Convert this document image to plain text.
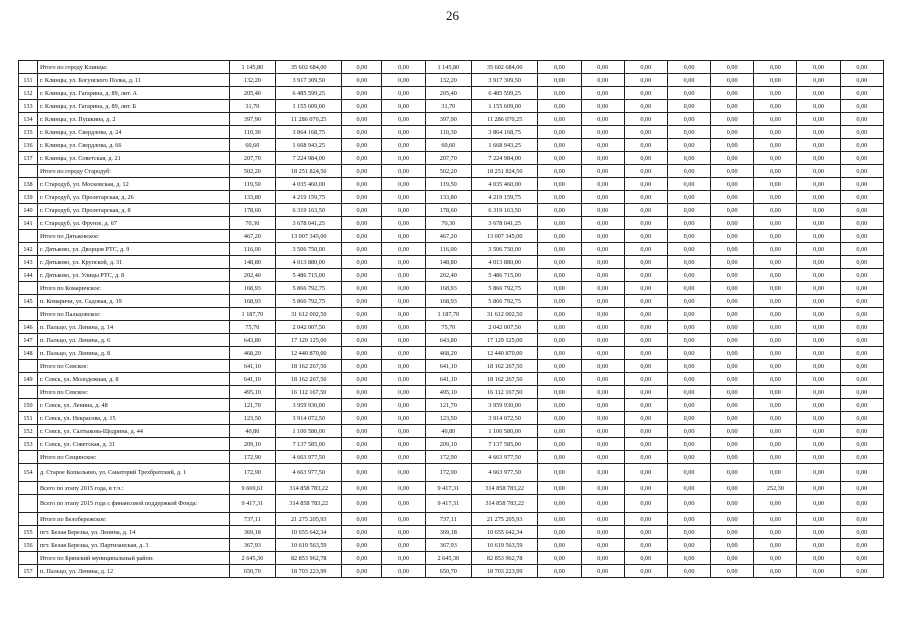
26
	Итого по городу Клинцы:	1 145,80	35 602 684,00	0,00	0,00	1 145,80	35 602 684,00	0,00	0,00	0,00	0,00	0,00	0,00	0,00	0,00
131	г. Клинцы, ул. Богунского Полка, д. 11	132,20	3 917 309,50	0,00	0,00	132,20	3 917 309,50	0,00	0,00	0,00	0,00	0,00	0,00	0,00	0,00
132	г. Клинцы, ул. Гагарина, д. 89, лит. А	205,40	6 485 599,25	0,00	0,00	205,40	6 485 599,25	0,00	0,00	0,00	0,00	0,00	0,00	0,00	0,00
133	г. Клинцы, ул. Гагарина, д. 89, лит. Б	31,70	1 155 609,00	0,00	0,00	31,70	1 155 609,00	0,00	0,00	0,00	0,00	0,00	0,00	0,00	0,00
134	г. Клинцы, ул. Пушкина, д. 2	397,90	11 286 070,25	0,00	0,00	397,90	11 286 070,25	0,00	0,00	0,00	0,00	0,00	0,00	0,00	0,00
135	г. Клинцы, ул. Свердлова, д. 24	110,30	3 864 168,75	0,00	0,00	110,30	3 864 168,75	0,00	0,00	0,00	0,00	0,00	0,00	0,00	0,00
136	г. Клинцы, ул. Свердлова, д. 66	60,60	1 668 943,25	0,00	0,00	60,60	1 668 943,25	0,00	0,00	0,00	0,00	0,00	0,00	0,00	0,00
137	г. Клинцы, ул. Советская, д. 21	207,70	7 224 984,00	0,00	0,00	207,70	7 224 984,00	0,00	0,00	0,00	0,00	0,00	0,00	0,00	0,00
	Итого по городу Стародуб:	502,20	18 251 824,50	0,00	0,00	502,20	18 251 824,50	0,00	0,00	0,00	0,00	0,00	0,00	0,00	0,00
138	г. Стародуб, ул. Московская, д. 12	119,50	4 035 460,00	0,00	0,00	119,50	4 035 460,00	0,00	0,00	0,00	0,00	0,00	0,00	0,00	0,00
139	г. Стародуб, ул. Пролетарская, д. 26	133,80	4 219 159,75	0,00	0,00	133,80	4 219 159,75	0,00	0,00	0,00	0,00	0,00	0,00	0,00	0,00
140	г. Стародуб, ул. Пролетарская, д. 8	178,60	6 319 163,50	0,00	0,00	178,60	6 319 163,50	0,00	0,00	0,00	0,00	0,00	0,00	0,00	0,00
141	г. Стародуб, ул. Фрунзе, д. 67	70,30	3 678 041,25	0,00	0,00	70,30	3 678 041,25	0,00	0,00	0,00	0,00	0,00	0,00	0,00	0,00
	Итого по Дятьковское:	467,20	13 007 345,00	0,00	0,00	467,20	13 007 345,00	0,00	0,00	0,00	0,00	0,00	0,00	0,00	0,00
142	г. Дятьково, ул. Дворцов РТС, д. 9	116,00	3 506 750,00	0,00	0,00	116,00	3 506 750,00	0,00	0,00	0,00	0,00	0,00	0,00	0,00	0,00
143	г. Дятьково, ул. Крупской, д. 31	148,80	4 013 880,00	0,00	0,00	148,80	4 013 880,00	0,00	0,00	0,00	0,00	0,00	0,00	0,00	0,00
144	г. Дятьково, ул. Улицы РТС, д. 8	202,40	5 486 715,00	0,00	0,00	202,40	5 486 715,00	0,00	0,00	0,00	0,00	0,00	0,00	0,00	0,00
	Итого по Комаричское:	168,93	5 866 792,75	0,00	0,00	168,93	5 866 792,75	0,00	0,00	0,00	0,00	0,00	0,00	0,00	0,00
145	п. Комаричи, ул. Садовая, д. 19	168,93	5 866 792,75	0,00	0,00	168,93	5 866 792,75	0,00	0,00	0,00	0,00	0,00	0,00	0,00	0,00
	Итого по Пальцовское:	1 187,70	31 612 002,50	0,00	0,00	1 187,70	31 612 002,50	0,00	0,00	0,00	0,00	0,00	0,00	0,00	0,00
146	п. Пальцо, ул. Ленина, д. 14	75,70	2 042 007,50	0,00	0,00	75,70	2 042 007,50	0,00	0,00	0,00	0,00	0,00	0,00	0,00	0,00
147	п. Пальцо, ул. Ленина, д. 6	643,80	17 129 125,00	0,00	0,00	643,80	17 129 125,00	0,00	0,00	0,00	0,00	0,00	0,00	0,00	0,00
148	п. Пальцо, ул. Ленина, д. 8	468,20	12 440 870,00	0,00	0,00	468,20	12 440 870,00	0,00	0,00	0,00	0,00	0,00	0,00	0,00	0,00
	Итого по Севское:	641,10	18 162 267,50	0,00	0,00	641,10	18 162 267,50	0,00	0,00	0,00	0,00	0,00	0,00	0,00	0,00
149	г. Севск, ул. Молодежная, д. 8	641,10	18 162 267,50	0,00	0,00	641,10	18 162 267,50	0,00	0,00	0,00	0,00	0,00	0,00	0,00	0,00
	Итого по Севское:	495,10	16 112 167,50	0,00	0,00	495,10	16 112 167,50	0,00	0,00	0,00	0,00	0,00	0,00	0,00	0,00
150	г. Севск, ул. Ленина, д. 48	121,70	3 959 930,00	0,00	0,00	121,70	3 959 930,00	0,00	0,00	0,00	0,00	0,00	0,00	0,00	0,00
151	г. Севск, ул. Некрасова, д. 15	123,50	3 914 072,50	0,00	0,00	123,50	3 914 072,50	0,00	0,00	0,00	0,00	0,00	0,00	0,00	0,00
152	г. Севск, ул. Салтыкова-Щедрина, д. 44	40,80	1 100 580,00	0,00	0,00	40,80	1 100 580,00	0,00	0,00	0,00	0,00	0,00	0,00	0,00	0,00
153	г. Севск, ул. Советская, д. 31	209,10	7 137 585,00	0,00	0,00	209,10	7 137 585,00	0,00	0,00	0,00	0,00	0,00	0,00	0,00	0,00
	Итого по Сещинское:	172,90	4 663 977,50	0,00	0,00	172,90	4 663 977,50	0,00	0,00	0,00	0,00	0,00	0,00	0,00	0,00
154	д. Старое Копыльяно, ул. Санаторий Трехбратский, д. 1	172,90	4 663 977,50	0,00	0,00	172,90	4 663 977,50	0,00	0,00	0,00	0,00	0,00	0,00	0,00	0,00
	Всего по этапу 2015 года, в т.ч.:	9 669,61	314 858 783,22	0,00	0,00	9 417,31	314 858 783,22	0,00	0,00	0,00	0,00	0,00	252,30	0,00	0,00
	Всего по этапу 2015 года с финансовой поддержкой Фонда:	9 417,31	314 858 783,22	0,00	0,00	9 417,31	314 858 783,22	0,00	0,00	0,00	0,00	0,00	0,00	0,00	0,00
	Итого по Белобережское:	737,11	21 275 205,93	0,00	0,00	737,11	21 275 205,93	0,00	0,00	0,00	0,00	0,00	0,00	0,00	0,00
155	пгт. Белая Березка, ул. Ленина, д. 14	369,18	10 655 642,34	0,00	0,00	369,18	10 655 642,34	0,00	0,00	0,00	0,00	0,00	0,00	0,00	0,00
156	пгт. Белая Березка, ул. Партизанская, д. 3	367,93	10 619 563,59	0,00	0,00	367,93	10 619 563,59	0,00	0,00	0,00	0,00	0,00	0,00	0,00	0,00
	Итого по Брянский муниципальный район:	2 645,30	82 853 962,78	0,00	0,00	2 645,30	82 853 962,78	0,00	0,00	0,00	0,00	0,00	0,00	0,00	0,00
157	п. Пальцо, ул. Ленина, д. 12	650,70	18 703 223,99	0,00	0,00	650,70	18 703 223,99	0,00	0,00	0,00	0,00	0,00	0,00	0,00	0,00
